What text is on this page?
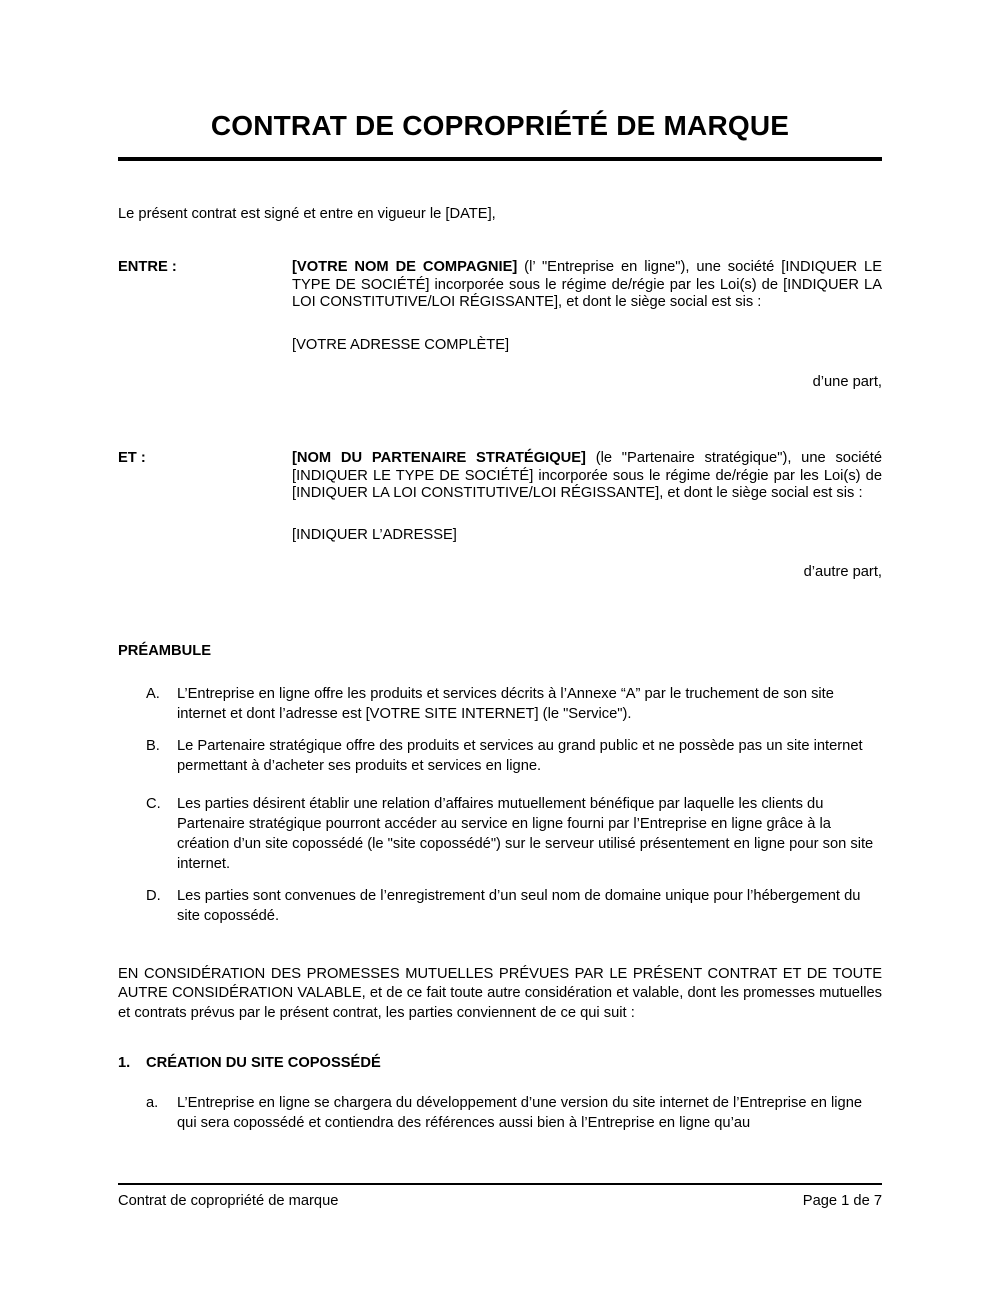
CONTRAT DE COPROPRIÉTÉ DE MARQUE

Le présent contrat est signé et entre en vigueur le [DATE],

ENTRE :	[VOTRE NOM DE COMPAGNIE] (l’ "Entreprise en ligne"), une société [INDIQUER LE TYPE DE SOCIÉTÉ] incorporée sous le régime de/régie par les Loi(s) de [INDIQUER LA LOI CONSTITUTIVE/LOI RÉGISSANTE], et dont le siège social est sis :

[VOTRE ADRESSE COMPLÈTE]

d’une part,

ET :	[NOM DU PARTENAIRE STRATÉGIQUE] (le "Partenaire stratégique"), une société [INDIQUER LE TYPE DE SOCIÉTÉ] incorporée sous le régime de/régie par les Loi(s) de [INDIQUER LA LOI CONSTITUTIVE/LOI RÉGISSANTE], et dont le siège social est sis :

[INDIQUER L’ADRESSE]

d’autre part,

PRÉAMBULE
A.	L’Entreprise en ligne offre les produits et services décrits à l’Annexe “A” par le truchement de son site internet et dont l’adresse est [VOTRE SITE INTERNET] (le "Service").
B.	Le Partenaire stratégique offre des produits et services au grand public et ne possède pas un site internet permettant à d’acheter ses produits et services en ligne.
C.	Les parties désirent établir une relation d’affaires mutuellement bénéfique par laquelle les clients du Partenaire stratégique pourront accéder au service en ligne fourni par l’Entreprise en ligne grâce à la création d’un site copossédé (le "site copossédé") sur le serveur utilisé présentement en ligne pour son site internet.
D.	Les parties sont convenues de l’enregistrement d’un seul nom de domaine unique pour l’hébergement du site copossédé.

EN CONSIDÉRATION DES PROMESSES MUTUELLES PRÉVUES PAR LE PRÉSENT CONTRAT ET DE TOUTE AUTRE CONSIDÉRATION VALABLE, et de ce fait toute autre considération et valable, dont les promesses mutuelles et contrats prévus par le présent contrat, les parties conviennent de ce qui suit :

1.	CRÉATION DU SITE COPOSSÉDÉ
a.	L’Entreprise en ligne se chargera du développement d’une version du site internet de l’Entreprise en ligne qui sera copossédé et contiendra des références aussi bien à l’Entreprise en ligne qu’au
Contrat de copropriété de marque	Page 1 de 7
